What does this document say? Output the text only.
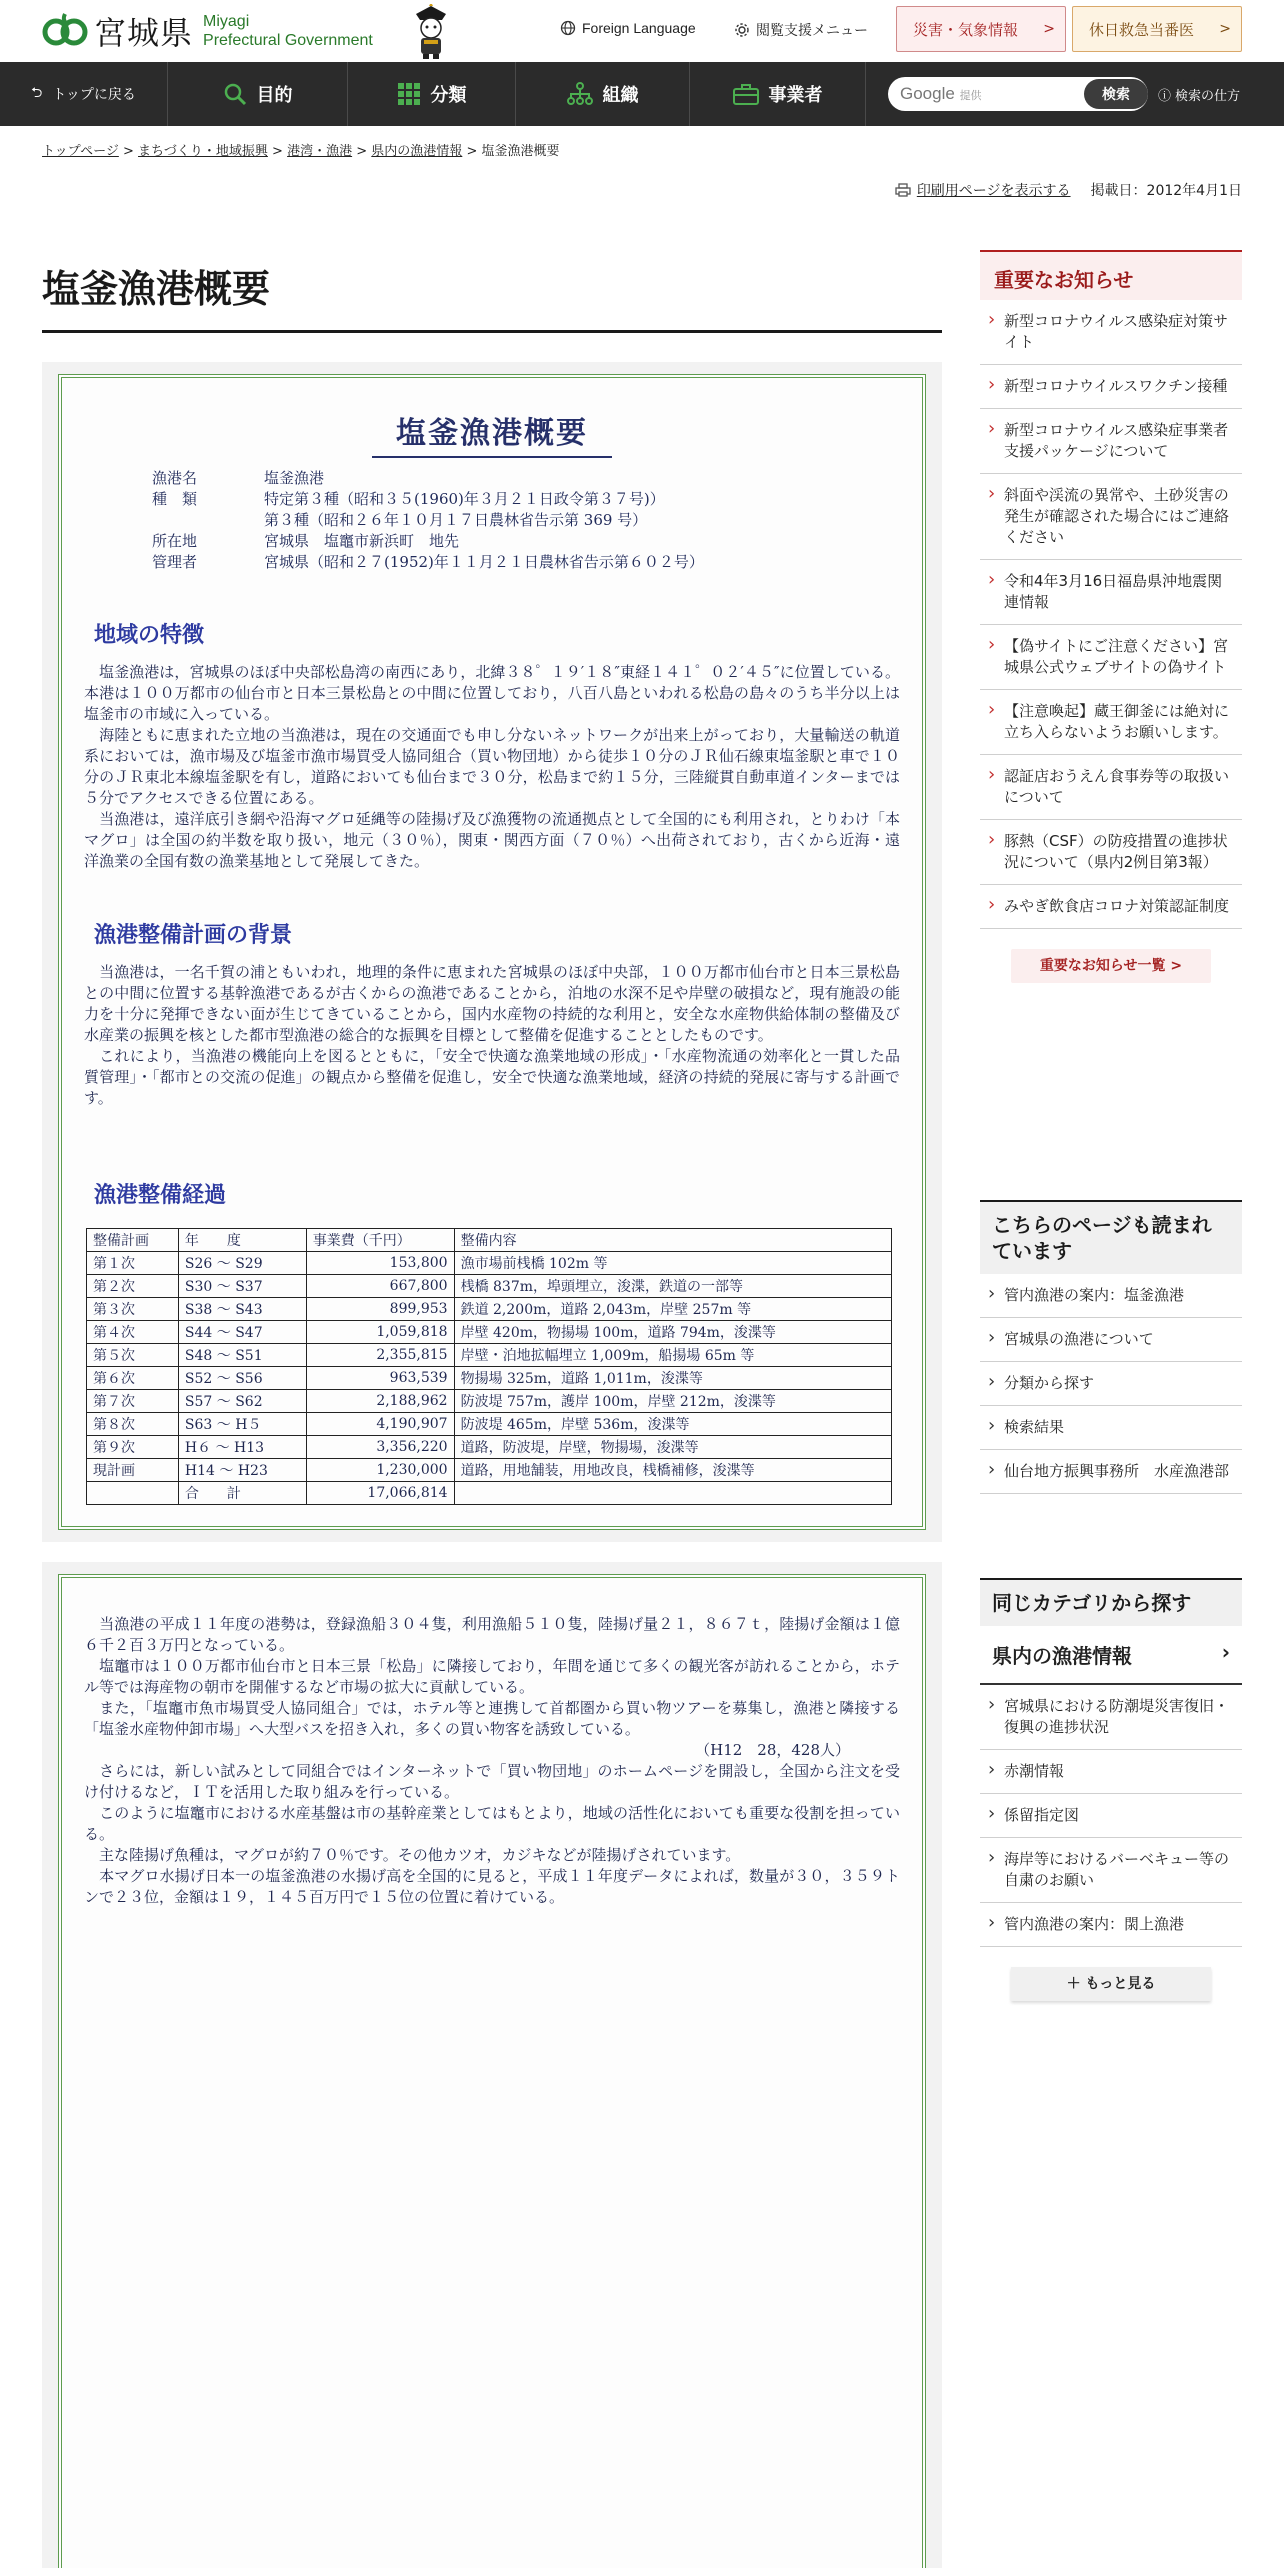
宮城県 Miyagi
Prefectural Government
Foreign Language	閲覧支援メニュー	災害・気象情報 > 休日救急当番医 >
⮌ トップに戻る	目的	分類	組織	事業者	Google 提供	検索	ⓘ 検索の仕方
トップページ > まちづくり・地域振興 > 港湾・漁港 > 県内の漁港情報 > 塩釜漁港概要
印刷用ページを表示する 掲載日：2012年4月1日
塩釜漁港概要
塩釜漁港概要
漁港名	塩釜漁港
種　類	特定第３種（昭和３５(1960)年３月２１日政令第３７号)）
第３種（昭和２６年１０月１７日農林省告示第 369 号）
所在地	宮城県　塩竈市新浜町　地先
管理者	宮城県（昭和２７(1952)年１１月２１日農林省告示第６０２号）
地域の特徴

　塩釜漁港は，宮城県のほぼ中央部松島湾の南西にあり，北緯３８゜１９′１８″東経１４１゜０２′４５″に位置している。本港は１００万都市の仙台市と日本三景松島との中間に位置しており，八百八島といわれる松島の島々のうち半分以上は塩釜市の市域に入っている。

　海陸ともに恵まれた立地の当漁港は，現在の交通面でも申し分ないネットワークが出来上がっており，大量輸送の軌道系においては，漁市場及び塩釜市漁市場買受人協同組合（買い物団地）から徒歩１０分のＪＲ仙石線東塩釜駅と車で１０分のＪＲ東北本線塩釜駅を有し，道路においても仙台まで３０分，松島まで約１５分，三陸縦貫自動車道インターまでは５分でアクセスできる位置にある。

　当漁港は，遠洋底引き網や沿海マグロ延縄等の陸揚げ及び漁獲物の流通拠点として全国的にも利用され，とりわけ「本マグロ」は全国の約半数を取り扱い，地元（３０％），関東・関西方面（７０％）へ出荷されており，古くから近海・遠洋漁業の全国有数の漁業基地として発展してきた。

漁港整備計画の背景

　当漁港は，一名千賀の浦ともいわれ，地理的条件に恵まれた宮城県のほぼ中央部，１００万都市仙台市と日本三景松島との中間に位置する基幹漁港であるが古くからの漁港であることから，泊地の水深不足や岸壁の破損など，現有施設の能力を十分に発揮できない面が生じてきていることから，国内水産物の持続的な利用と，安全な水産物供給体制の整備及び水産業の振興を核とした都市型漁港の総合的な振興を目標として整備を促進することとしたものです。

　これにより，当漁港の機能向上を図るとともに，「安全で快適な漁業地域の形成」・「水産物流通の効率化と一貫した品質管理」・「都市との交流の促進」の観点から整備を促進し，安全で快適な漁業地域，経済の持続的発展に寄与する計画です。

漁港整備経過
整備計画	年　　度	事業費（千円）	整備内容
第１次	S26 〜 S29	153,800	漁市場前桟橋 102m 等
第２次	S30 〜 S37	667,800	桟橋 837m，埠頭埋立，浚渫，鉄道の一部等
第３次	S38 〜 S43	899,953	鉄道 2,200m，道路 2,043m，岸壁 257m 等
第４次	S44 〜 S47	1,059,818	岸壁 420m，物揚場 100m，道路 794m，浚渫等
第５次	S48 〜 S51	2,355,815	岸壁・泊地拡幅埋立 1,009m，船揚場 65m 等
第６次	S52 〜 S56	963,539	物揚場 325m，道路 1,011m，浚渫等
第７次	S57 〜 S62	2,188,962	防波堤 757m，護岸 100m，岸壁 212m，浚渫等
第８次	S63 〜 H５	4,190,907	防波堤 465m，岸壁 536m，浚渫等
第９次	H６ 〜 H13	3,356,220	道路，防波堤，岸壁，物揚場，浚渫等
現計画	H14 〜 H23	1,230,000	道路，用地舗装，用地改良，桟橋補修，浚渫等
	合　　計	17,066,814	

　当漁港の平成１１年度の港勢は，登録漁船３０４隻，利用漁船５１０隻，陸揚げ量２１，８６７ｔ，陸揚げ金額は１億６千２百３万円となっている。

　塩竈市は１００万都市仙台市と日本三景「松島」に隣接しており，年間を通じて多くの観光客が訪れることから，ホテル等では海産物の朝市を開催するなど市場の拡大に貢献している。

　また，「塩竈市魚市場買受人協同組合」では，ホテル等と連携して首都圏から買い物ツアーを募集し，漁港と隣接する「塩釜水産物仲卸市場」へ大型バスを招き入れ，多くの買い物客を誘致している。

（H12　28，428人）

　さらには，新しい試みとして同組合ではインターネットで「買い物団地」のホームページを開設し，全国から注文を受け付けるなど，ＩＴを活用した取り組みを行っている。

　このように塩竈市における水産基盤は市の基幹産業としてはもとより，地域の活性化においても重要な役割を担っている。

　主な陸揚げ魚種は，マグロが約７０％です。その他カツオ，カジキなどが陸揚げされています。

　本マグロ水揚げ日本一の塩釜漁港の水揚げ高を全国的に見ると，平成１１年度データによれば，数量が３０，３５９トンで２３位，金額は１９，１４５百万円で１５位の位置に着けている。

重要なお知らせ
› 新型コロナウイルス感染症対策サイト
› 新型コロナウイルスワクチン接種
› 新型コロナウイルス感染症事業者支援パッケージについて
› 斜面や渓流の異常や、土砂災害の発生が確認された場合にはご連絡ください
› 令和4年3月16日福島県沖地震関連情報
› 【偽サイトにご注意ください】宮城県公式ウェブサイトの偽サイト
› 【注意喚起】蔵王御釜には絶対に立ち入らないようお願いします。
› 認証店おうえん食事券等の取扱いについて
› 豚熱（CSF）の防疫措置の進捗状況について（県内2例目第3報）
› みやぎ飲食店コロナ対策認証制度
重要なお知らせ一覧 >
こちらのページも読まれています
› 管内漁港の案内：塩釜漁港
› 宮城県の漁港について
› 分類から探す
› 検索結果
› 仙台地方振興事務所　水産漁港部
同じカテゴリから探す
県内の漁港情報	›
› 宮城県における防潮堤災害復旧・復興の進捗状況
› 赤潮情報
› 係留指定図
› 海岸等におけるバーベキュー等の自粛のお願い
› 管内漁港の案内：閖上漁港
＋ もっと見る
